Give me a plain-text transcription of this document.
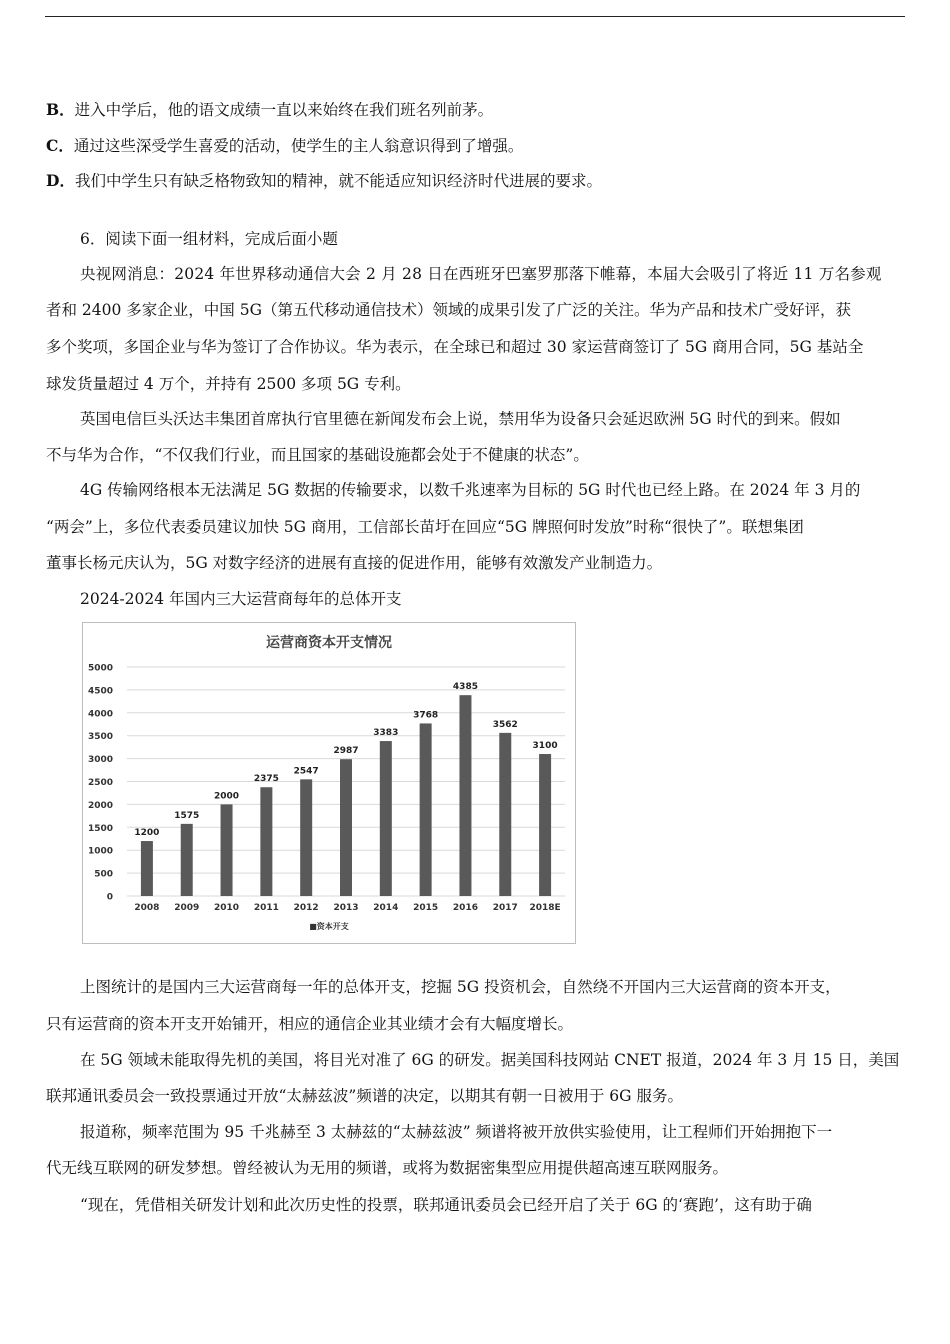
B．进入中学后，他的语文成绩一直以来始终在我们班名列前茅。

C．通过这些深受学生喜爱的活动，使学生的主人翁意识得到了增强。

D．我们中学生只有缺乏格物致知的精神，就不能适应知识经济时代进展的要求。

6．阅读下面一组材料，完成后面小题

央视网消息：2024 年世界移动通信大会 2 月 28 日在西班牙巴塞罗那落下帷幕，本届大会吸引了将近 11 万名参观

者和 2400 多家企业，中国 5G（第五代移动通信技术）领域的成果引发了广泛的关注。华为产品和技术广受好评，获

多个奖项，多国企业与华为签订了合作协议。华为表示，在全球已和超过 30 家运营商签订了 5G 商用合同，5G 基站全

球发货量超过 4 万个，并持有 2500 多项 5G 专利。

英国电信巨头沃达丰集团首席执行官里德在新闻发布会上说，禁用华为设备只会延迟欧洲 5G 时代的到来。假如

不与华为合作，“不仅我们行业，而且国家的基础设施都会处于不健康的状态”。

4G 传输网络根本无法满足 5G 数据的传输要求，以数千兆速率为目标的 5G 时代也已经上路。在 2024 年 3 月的

“两会”上，多位代表委员建议加快 5G 商用，工信部长苗圩在回应“5G 牌照何时发放”时称“很快了”。联想集团

董事长杨元庆认为，5G 对数字经济的进展有直接的促进作用，能够有效激发产业制造力。

2024-2024 年国内三大运营商每年的总体开支

运营商资本开支情况
0
500
1000
1500
2000
2500
3000
3500
4000
4500
5000
1200
2008
1575
2009
2000
2010
2375
2011
2547
2012
2987
2013
3383
2014
3768
2015
4385
2016
3562
2017
3100
2018E
■资本开支

上图统计的是国内三大运营商每一年的总体开支，挖掘 5G 投资机会，自然绕不开国内三大运营商的资本开支，

只有运营商的资本开支开始铺开，相应的通信企业其业绩才会有大幅度增长。

在 5G 领域未能取得先机的美国，将目光对准了 6G 的研发。据美国科技网站 CNET 报道，2024 年 3 月 15 日，美国

联邦通讯委员会一致投票通过开放“太赫兹波”频谱的决定，以期其有朝一日被用于 6G 服务。

报道称，频率范围为 95 千兆赫至 3 太赫兹的“太赫兹波” 频谱将被开放供实验使用，让工程师们开始拥抱下一

代无线互联网的研发梦想。曾经被认为无用的频谱，或将为数据密集型应用提供超高速互联网服务。

“现在，凭借相关研发计划和此次历史性的投票，联邦通讯委员会已经开启了关于 6G 的‘赛跑’，这有助于确
